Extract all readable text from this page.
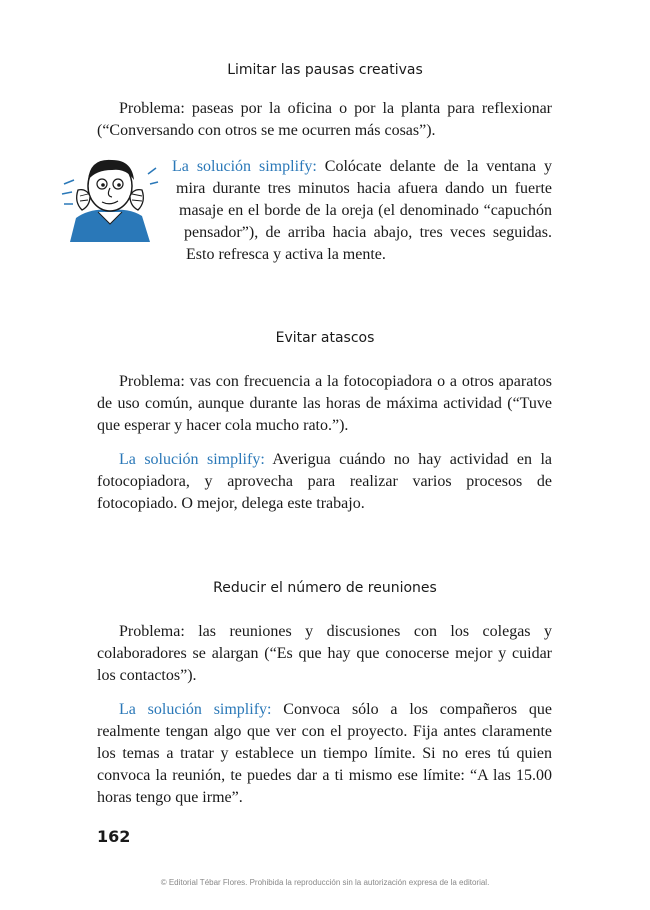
Limitar las pausas creativas

Problema: paseas por la oficina o por la planta para reflexionar (“Conversando con otros se me ocurren más cosas”).

La solución simplify: Colócate delante de la ventana y
mira durante tres minutos hacia afuera dando un fuerte
masaje en el borde de la oreja (el denominado “capuchón
pensador”), de arriba hacia abajo, tres veces seguidas.
Esto refresca y activa la mente.
Evitar atascos

Problema: vas con frecuencia a la fotocopiadora o a otros aparatos de uso común, aunque durante las horas de máxima actividad (“Tuve que esperar y hacer cola mucho rato.”).

La solución simplify: Averigua cuándo no hay actividad en la fotocopiadora, y aprovecha para realizar varios procesos de fotocopiado. O mejor, delega este trabajo.

Reducir el número de reuniones

Problema: las reuniones y discusiones con los colegas y colaboradores se alargan (“Es que hay que conocerse mejor y cuidar los contactos”).

La solución simplify: Convoca sólo a los compañeros que realmente tengan algo que ver con el proyecto. Fija antes claramente los temas a tratar y establece un tiempo límite. Si no eres tú quien convoca la reunión, te puedes dar a ti mismo ese límite: “A las 15.00 horas tengo que irme”.

162
© Editorial Tébar Flores. Prohibida la reproducción sin la autorización expresa de la editorial.
